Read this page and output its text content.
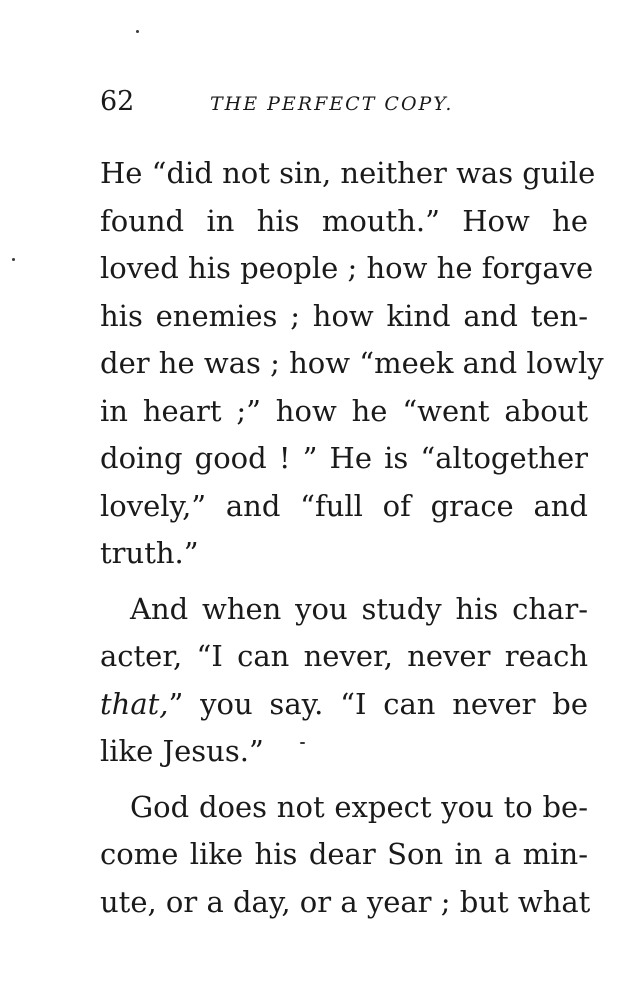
62	THE PERFECT COPY.
He “did not sin, neither was guile
found in his mouth.” How he
loved his people ; how he forgave
his enemies ; how kind and ten-
der he was ; how “meek and lowly
in heart ;” how he “went about
doing good ! ” He is “altogether
lovely,” and “full of grace and
truth.”
And when you study his char-
acter, “I can never, never reach
that,” you say. “I can never be
like Jesus.”
God does not expect you to be-
come like his dear Son in a min-
ute, or a day, or a year ; but what
